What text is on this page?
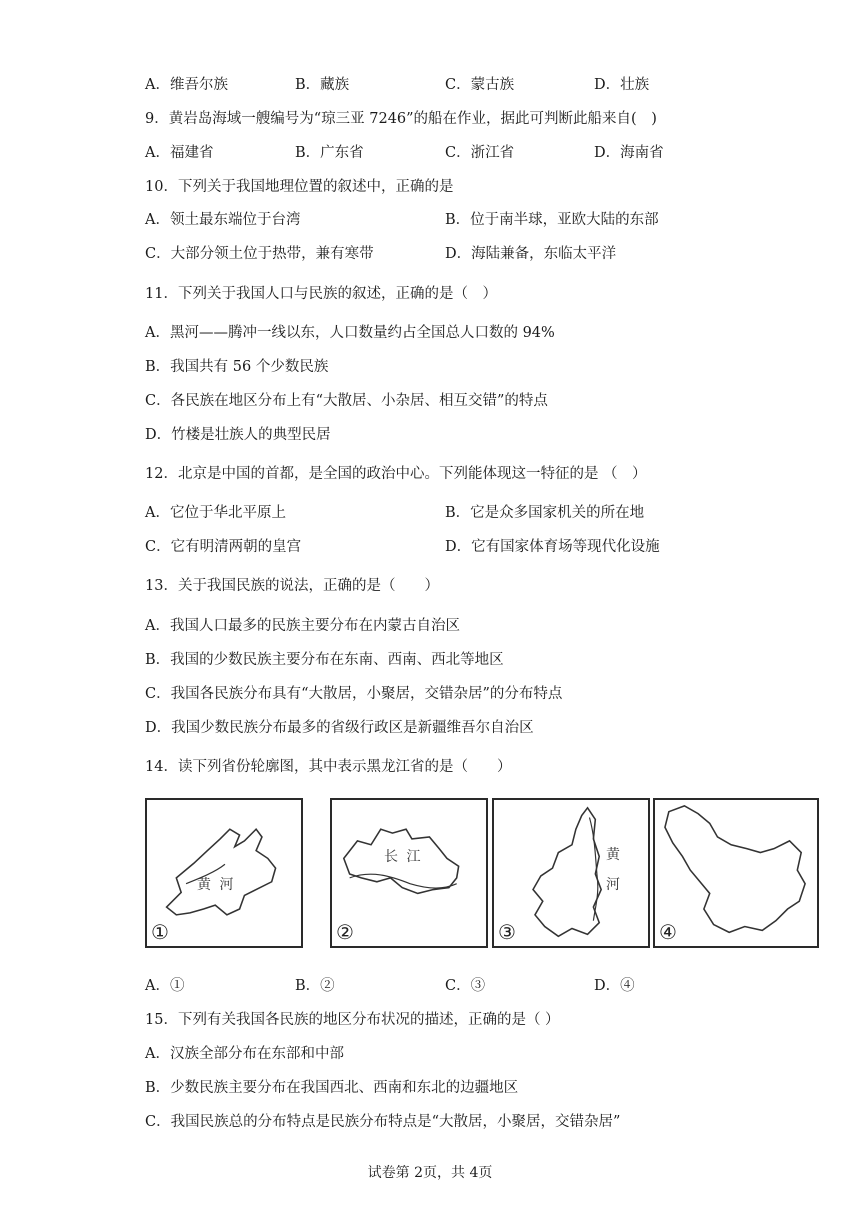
A．维吾尔族	B．藏族	C．蒙古族	D．壮族
9．黄岩岛海域一艘编号为“琼三亚 7246”的船在作业，据此可判断此船来自(　)
A．福建省	B．广东省	C．浙江省	D．海南省
10．下列关于我国地理位置的叙述中，正确的是
A．领土最东端位于台湾	B．位于南半球，亚欧大陆的东部
C．大部分领土位于热带，兼有寒带	D．海陆兼备，东临太平洋
11．下列关于我国人口与民族的叙述，正确的是（　）
A．黑河——腾冲一线以东，人口数量约占全国总人口数的 94%
B．我国共有 56 个少数民族
C．各民族在地区分布上有“大散居、小杂居、相互交错”的特点
D．竹楼是壮族人的典型民居
12．北京是中国的首都，是全国的政治中心。下列能体现这一特征的是 （　）
A．它位于华北平原上	B．它是众多国家机关的所在地
C．它有明清两朝的皇宫	D．它有国家体育场等现代化设施
13．关于我国民族的说法，正确的是（　　）
A．我国人口最多的民族主要分布在内蒙古自治区
B．我国的少数民族主要分布在东南、西南、西北等地区
C．我国各民族分布具有“大散居，小聚居，交错杂居”的分布特点
D．我国少数民族分布最多的省级行政区是新疆维吾尔自治区
14．读下列省份轮廓图，其中表示黑龙江省的是（　　）
黄 河
①
长 江
②
黄河
③	④
A．①	B．②	C．③	D．④
15．下列有关我国各民族的地区分布状况的描述，正确的是（ ）
A．汉族全部分布在东部和中部
B．少数民族主要分布在我国西北、西南和东北的边疆地区
C．我国民族总的分布特点是民族分布特点是“大散居，小聚居，交错杂居”
试卷第 2页，共 4页
